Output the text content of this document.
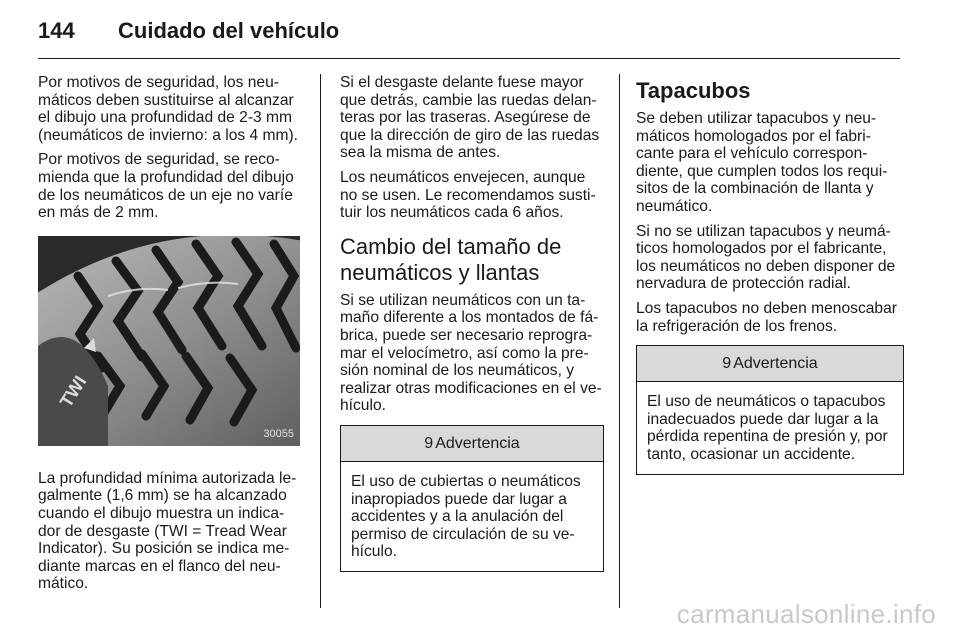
144	Cuidado del vehículo

Por motivos de seguridad, los neu-máticos deben sustituirse al alcanzar el dibujo una profundidad de 2-3 mm (neumáticos de invierno: a los 4 mm).

Por motivos de seguridad, se reco-mienda que la profundidad del dibujo de los neumáticos de un eje no varíe en más de 2 mm.

TWI
30055

La profundidad mínima autorizada le-galmente (1,6 mm) se ha alcanzado cuando el dibujo muestra un indica-dor de desgaste (TWI = Tread Wear Indicator). Su posición se indica me-diante marcas en el flanco del neu-mático.

Si el desgaste delante fuese mayor que detrás, cambie las ruedas delan-teras por las traseras. Asegúrese de que la dirección de giro de las ruedas sea la misma de antes.

Los neumáticos envejecen, aunque no se usen. Le recomendamos susti-tuir los neumáticos cada 6 años.

Cambio del tamaño de neumáticos y llantas

Si se utilizan neumáticos con un ta-maño diferente a los montados de fá-brica, puede ser necesario reprogra-mar el velocímetro, así como la pre-sión nominal de los neumáticos, y realizar otras modificaciones en el ve-hículo.

9 Advertencia
El uso de cubiertas o neumáticos inapropiados puede dar lugar a accidentes y a la anulación del permiso de circulación de su ve-hículo.
Tapacubos

Se deben utilizar tapacubos y neu-máticos homologados por el fabri-cante para el vehículo correspon-diente, que cumplen todos los requi-sitos de la combinación de llanta y neumático.

Si no se utilizan tapacubos y neumá-ticos homologados por el fabricante, los neumáticos no deben disponer de nervadura de protección radial.

Los tapacubos no deben menoscabar la refrigeración de los frenos.

9 Advertencia
El uso de neumáticos o tapacubos inadecuados puede dar lugar a la pérdida repentina de presión y, por tanto, ocasionar un accidente.
carmanualsonline.info
